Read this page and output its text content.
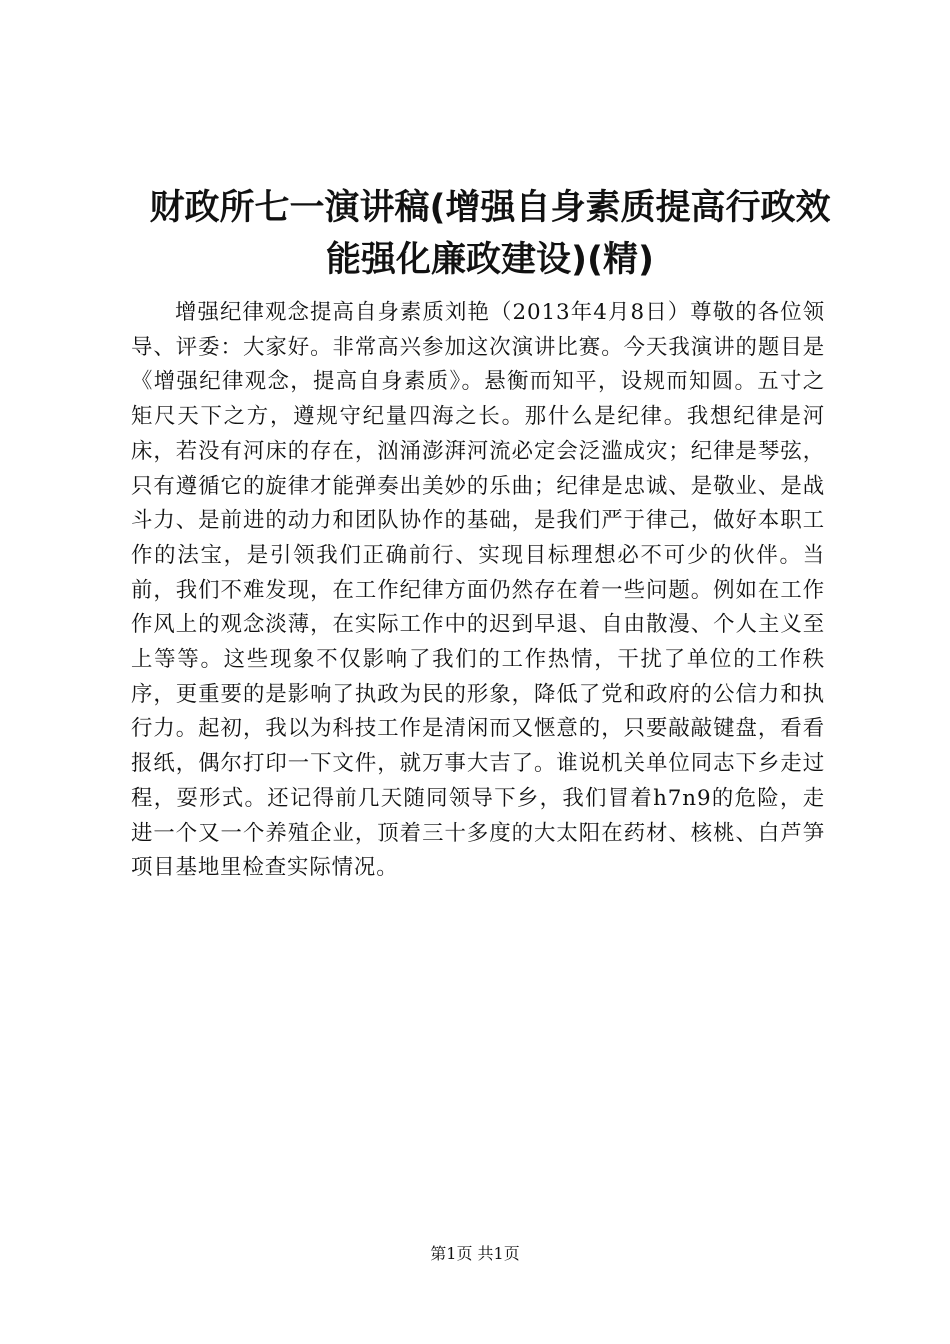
财政所七一演讲稿(增强自身素质提高行政效
能强化廉政建设)(精)

增强纪律观念提高自身素质刘艳（2013年4月8日）尊敬的各位领导、评委：大家好。非常高兴参加这次演讲比赛。今天我演讲的题目是《增强纪律观念，提高自身素质》。悬衡而知平，设规而知圆。五寸之矩尺天下之方，遵规守纪量四海之长。那什么是纪律。我想纪律是河床，若没有河床的存在，汹涌澎湃河流必定会泛滥成灾；纪律是琴弦，只有遵循它的旋律才能弹奏出美妙的乐曲；纪律是忠诚、是敬业、是战斗力、是前进的动力和团队协作的基础，是我们严于律己，做好本职工作的法宝，是引领我们正确前行、实现目标理想必不可少的伙伴。当前，我们不难发现，在工作纪律方面仍然存在着一些问题。例如在工作作风上的观念淡薄，在实际工作中的迟到早退、自由散漫、个人主义至上等等。这些现象不仅影响了我们的工作热情，干扰了单位的工作秩序，更重要的是影响了执政为民的形象，降低了党和政府的公信力和执行力。起初，我以为科技工作是清闲而又惬意的，只要敲敲键盘，看看报纸，偶尔打印一下文件，就万事大吉了。谁说机关单位同志下乡走过程，耍形式。还记得前几天随同领导下乡，我们冒着h7n9的危险，走进一个又一个养殖企业，顶着三十多度的大太阳在药材、核桃、白芦笋项目基地里检查实际情况。

第1页 共1页
